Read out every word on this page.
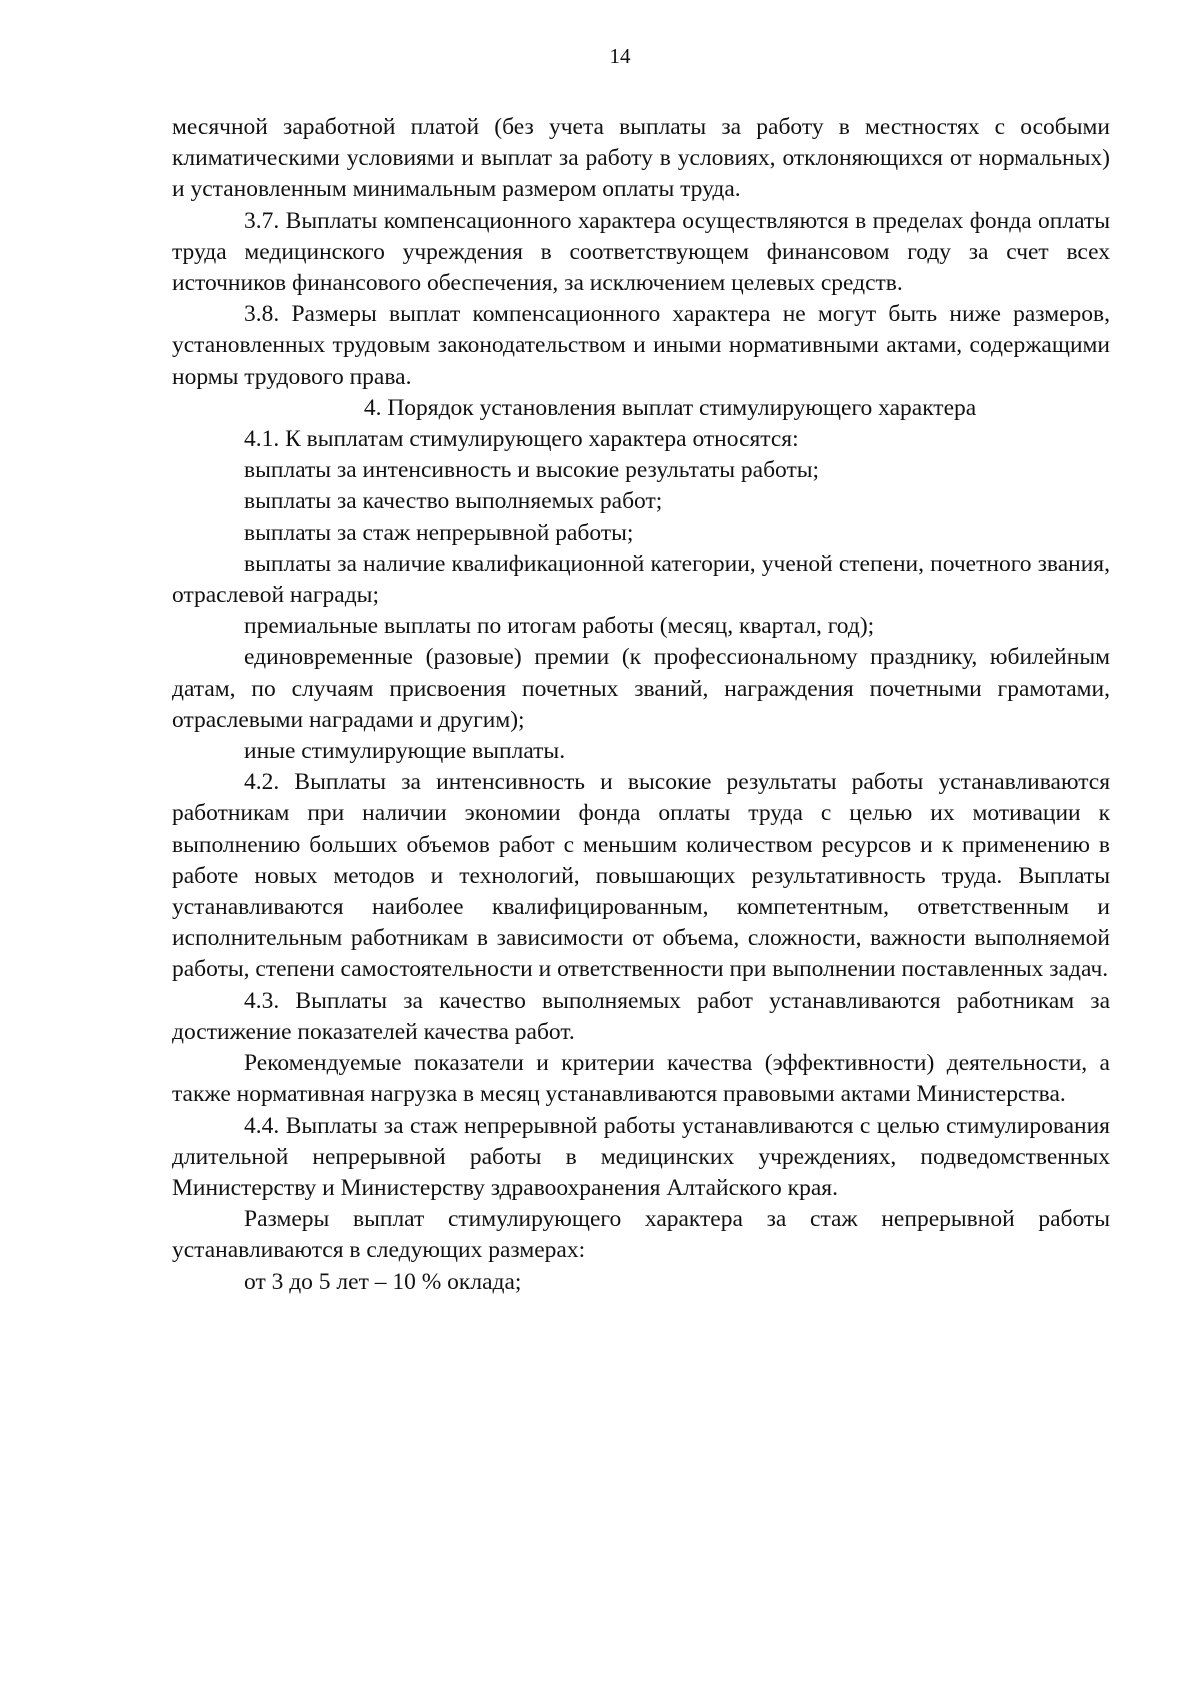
14

месячной заработной платой (без учета выплаты за работу в местностях с особыми климатическими условиями и выплат за работу в условиях, отклоняющихся от нормальных) и установленным минимальным размером оплаты труда.

3.7. Выплаты компенсационного характера осуществляются в пределах фонда оплаты труда медицинского учреждения в соответствующем финансовом году за счет всех источников финансового обеспечения, за исключением целевых средств.

3.8. Размеры выплат компенсационного характера не могут быть ниже размеров, установленных трудовым законодательством и иными нормативными актами, содержащими нормы трудового права.

4. Порядок установления выплат стимулирующего характера

4.1. К выплатам стимулирующего характера относятся:

выплаты за интенсивность и высокие результаты работы;

выплаты за качество выполняемых работ;

выплаты за стаж непрерывной работы;

выплаты за наличие квалификационной категории, ученой степени, почетного звания, отраслевой награды;

премиальные выплаты по итогам работы (месяц, квартал, год);

единовременные (разовые) премии (к профессиональному празднику, юбилейным датам, по случаям присвоения почетных званий, награждения почетными грамотами, отраслевыми наградами и другим);

иные стимулирующие выплаты.

4.2. Выплаты за интенсивность и высокие результаты работы устанавливаются работникам при наличии экономии фонда оплаты труда с целью их мотивации к выполнению больших объемов работ с меньшим количеством ресурсов и к применению в работе новых методов и технологий, повышающих результативность труда. Выплаты устанавливаются наиболее квалифицированным, компетентным, ответственным и исполнительным работникам в зависимости от объема, сложности, важности выполняемой работы, степени самостоятельности и ответственности при выполнении поставленных задач.

4.3. Выплаты за качество выполняемых работ устанавливаются работникам за достижение показателей качества работ.

Рекомендуемые показатели и критерии качества (эффективности) деятельности, а также нормативная нагрузка в месяц устанавливаются правовыми актами Министерства.

4.4. Выплаты за стаж непрерывной работы устанавливаются с целью стимулирования длительной непрерывной работы в медицинских учреждениях, подведомственных Министерству и Министерству здравоохранения Алтайского края.

Размеры выплат стимулирующего характера за стаж непрерывной работы устанавливаются в следующих размерах:

от 3 до 5 лет – 10 % оклада;
